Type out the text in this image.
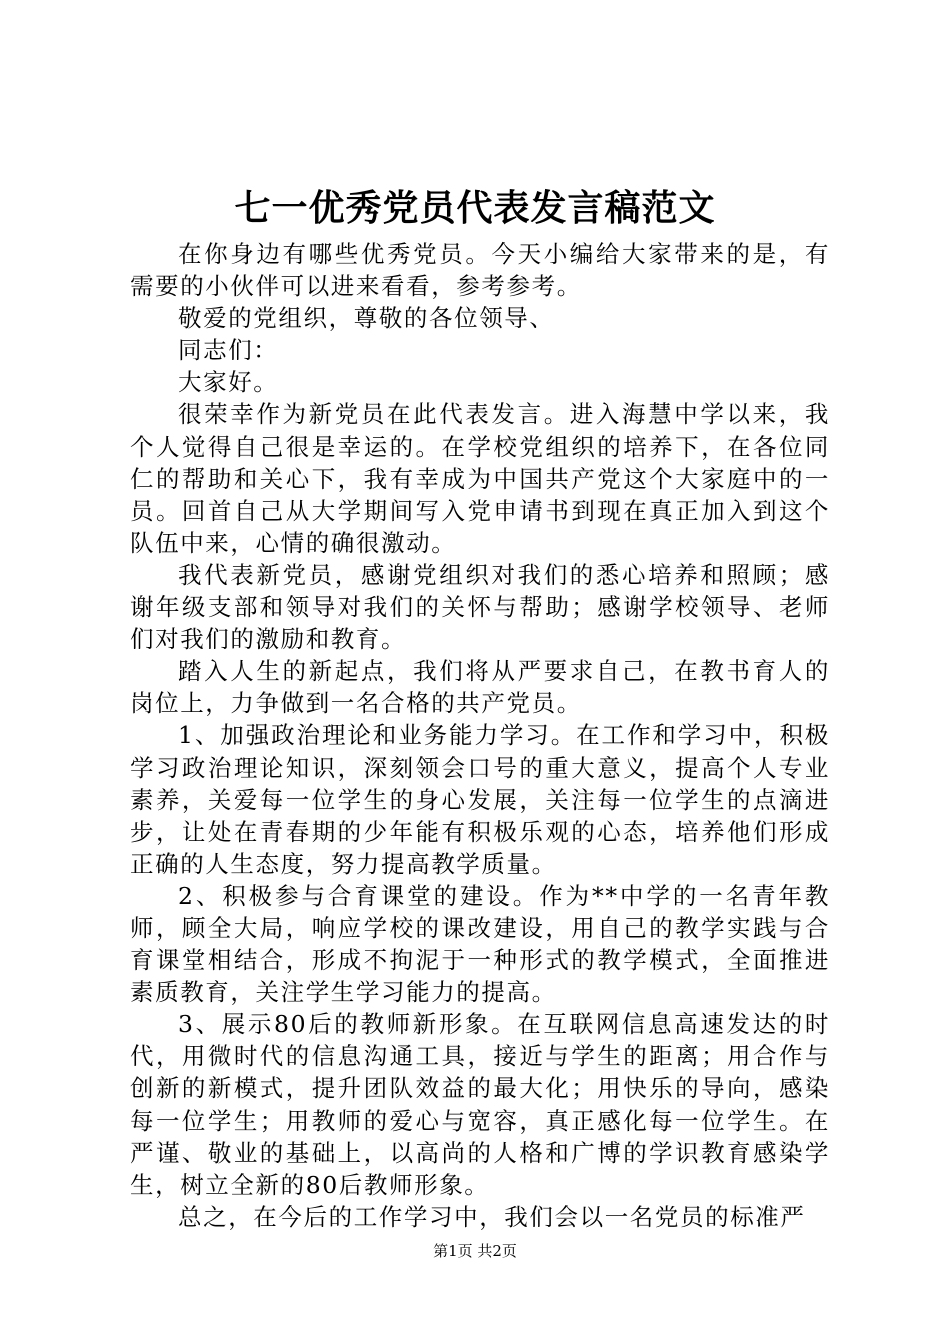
七一优秀党员代表发言稿范文

在你身边有哪些优秀党员。今天小编给大家带来的是，有需要的小伙伴可以进来看看，参考参考。

敬爱的党组织，尊敬的各位领导、

同志们：

大家好。

很荣幸作为新党员在此代表发言。进入海慧中学以来，我个人觉得自己很是幸运的。在学校党组织的培养下，在各位同仁的帮助和关心下，我有幸成为中国共产党这个大家庭中的一员。回首自己从大学期间写入党申请书到现在真正加入到这个队伍中来，心情的确很激动。

我代表新党员，感谢党组织对我们的悉心培养和照顾；感谢年级支部和领导对我们的关怀与帮助；感谢学校领导、老师们对我们的激励和教育。

踏入人生的新起点，我们将从严要求自己，在教书育人的岗位上，力争做到一名合格的共产党员。

1、加强政治理论和业务能力学习。在工作和学习中，积极学习政治理论知识，深刻领会口号的重大意义，提高个人专业素养，关爱每一位学生的身心发展，关注每一位学生的点滴进步，让处在青春期的少年能有积极乐观的心态，培养他们形成正确的人生态度，努力提高教学质量。

2、积极参与合育课堂的建设。作为**中学的一名青年教师，顾全大局，响应学校的课改建设，用自己的教学实践与合育课堂相结合，形成不拘泥于一种形式的教学模式，全面推进素质教育，关注学生学习能力的提高。

3、展示80后的教师新形象。在互联网信息高速发达的时代，用微时代的信息沟通工具，接近与学生的距离；用合作与创新的新模式，提升团队效益的最大化；用快乐的导向，感染每一位学生；用教师的爱心与宽容，真正感化每一位学生。在严谨、敬业的基础上，以高尚的人格和广博的学识教育感染学生，树立全新的80后教师形象。

总之，在今后的工作学习中，我们会以一名党员的标准严

第1页 共2页
